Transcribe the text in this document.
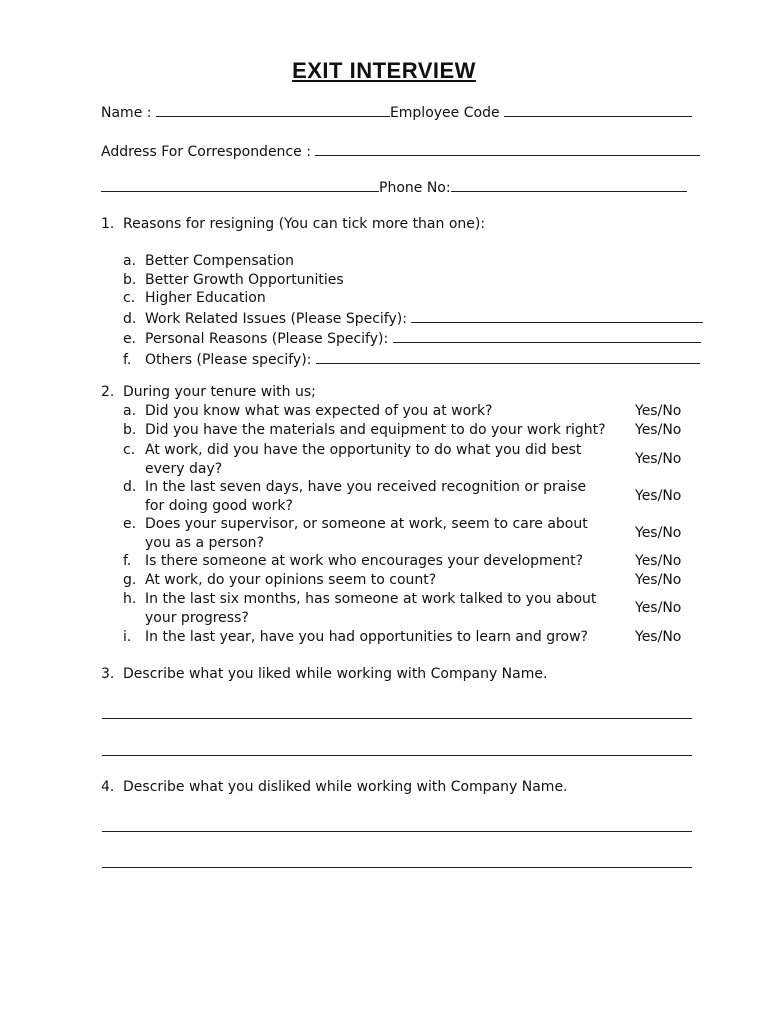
EXIT INTERVIEW
Name :	Employee Code
Address For Correspondence :
Phone No:
1. Reasons for resigning (You can tick more than one):
a. Better Compensation
b. Better Growth Opportunities
c. Higher Education
d. Work Related Issues (Please Specify):
e. Personal Reasons (Please Specify):
f. Others (Please specify):
2. During your tenure with us;
a. Did you know what was expected of you at work?	Yes/No
b. Did you have the materials and equipment to do your work right? Yes/No
c. At work, did you have the opportunity to do what you did best every day?
Yes/No
d. In the last seven days, have you received recognition or praise for doing good work?
Yes/No
e. Does your supervisor, or someone at work, seem to care about you as a person?
Yes/No
f. Is there someone at work who encourages your development?	Yes/No
g. At work, do your opinions seem to count?	Yes/No
h. In the last six months, has someone at work talked to you about your progress?
Yes/No
i. In the last year, have you had opportunities to learn and grow?	Yes/No
3. Describe what you liked while working with Company Name.
4. Describe what you disliked while working with Company Name.
